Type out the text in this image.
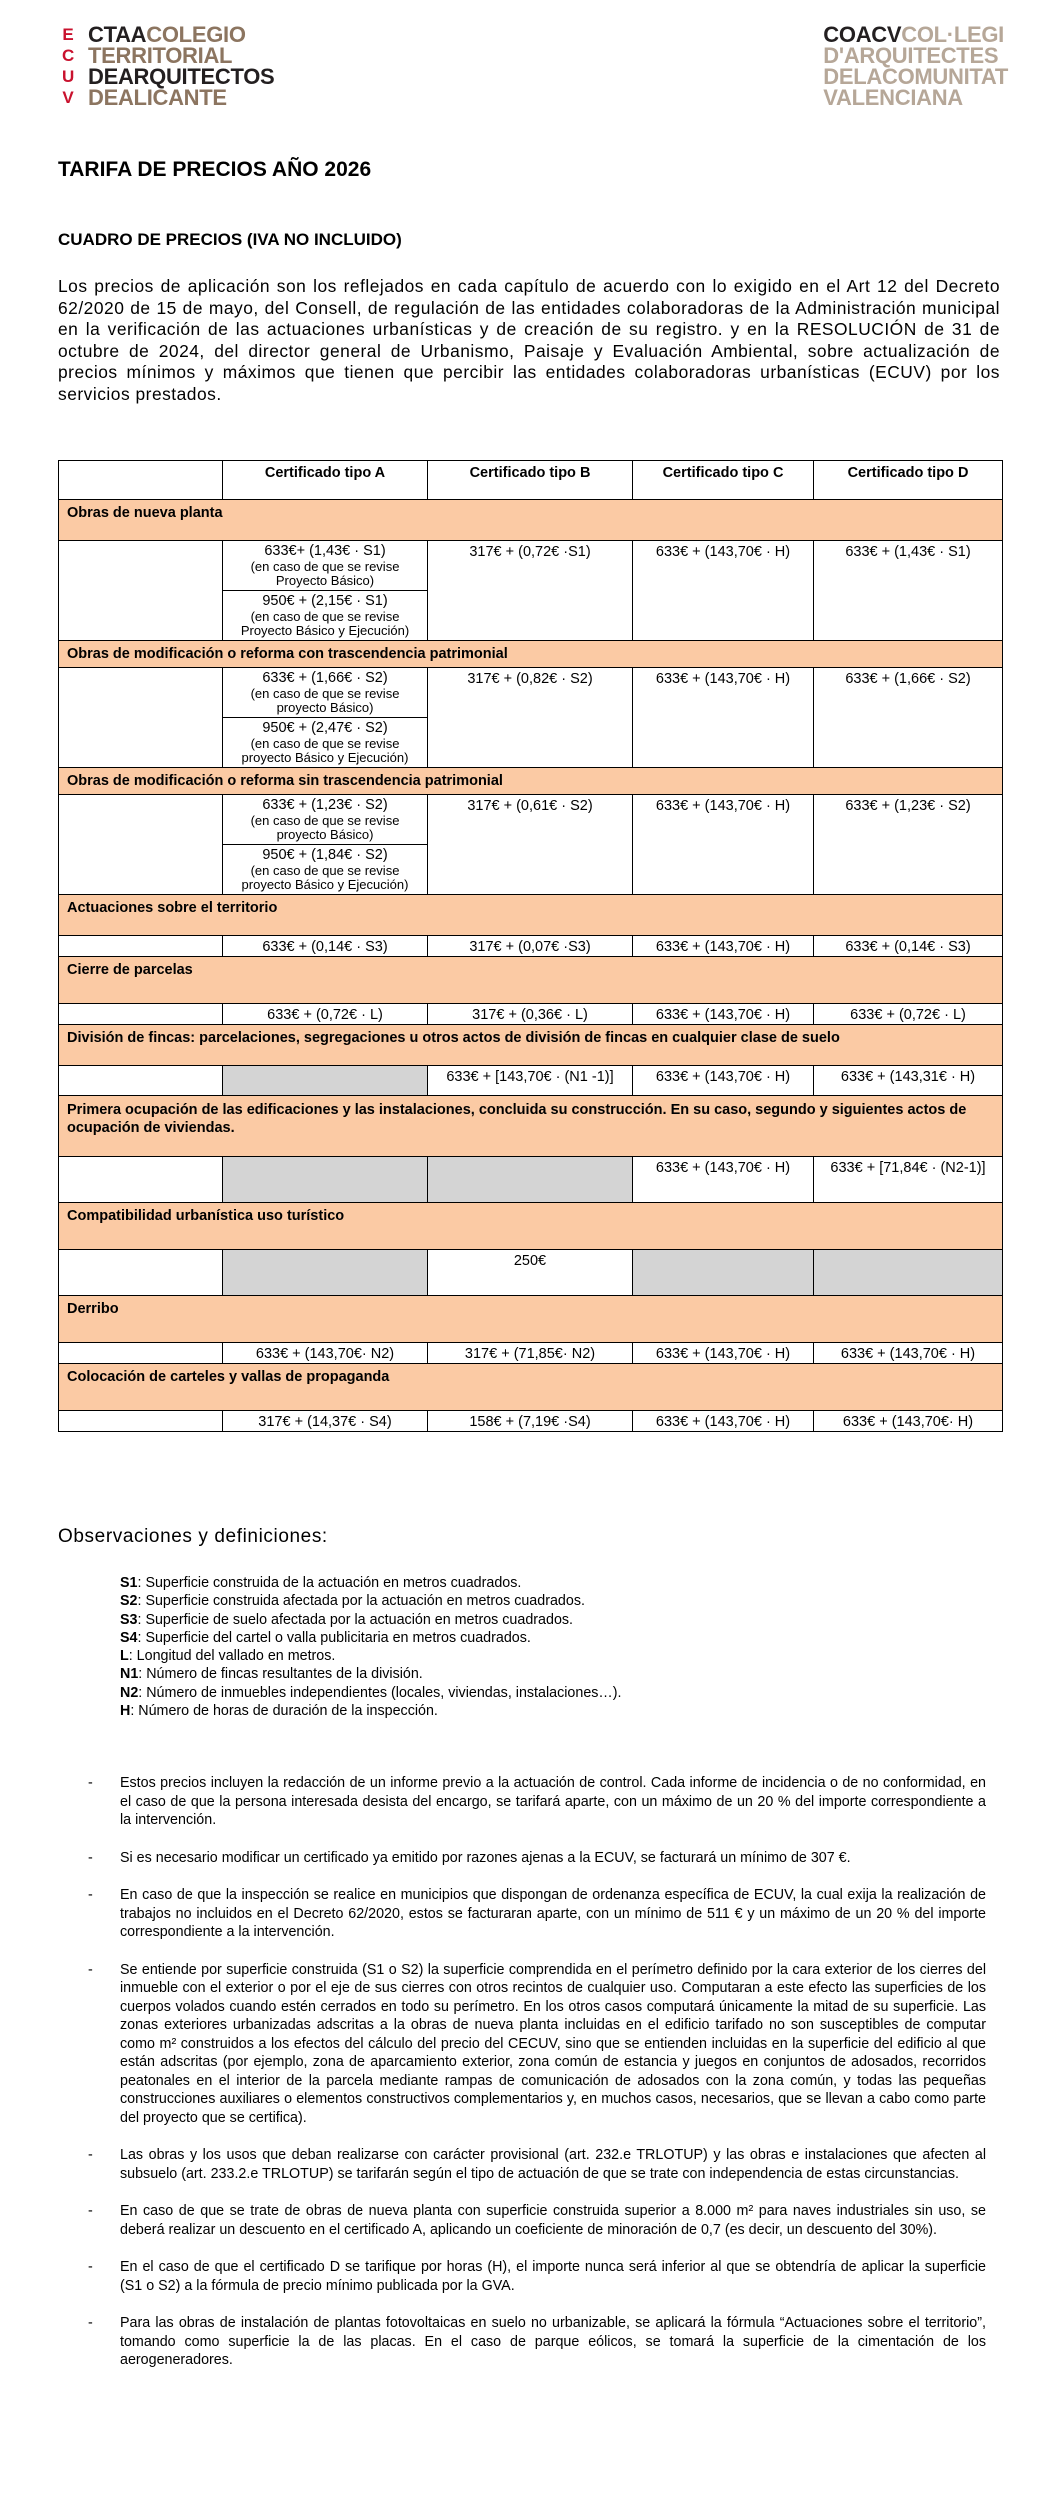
E
C
U
V
CTAACOLEGIO
TERRITORIAL
DEARQUITECTOS
DEALICANTE
COACVCOL·LEGI
D'ARQUITECTES
DELACOMUNITAT
VALENCIANA
TARIFA DE PRECIOS AÑO 2026
CUADRO DE PRECIOS (IVA NO INCLUIDO)

Los precios de aplicación son los reflejados en cada capítulo de acuerdo con lo exigido en el Art 12 del Decreto 62/2020 de 15 de mayo, del Consell, de regulación de las entidades colaboradoras de la Administración municipal en la verificación de las actuaciones urbanísticas y de creación de su registro. y en la RESOLUCIÓN de 31 de octubre de 2024, del director general de Urbanismo, Paisaje y Evaluación Ambiental, sobre actualización de precios mínimos y máximos que tienen que percibir las entidades colaboradoras urbanísticas (ECUV) por los servicios prestados.

	Certificado tipo A	Certificado tipo B	Certificado tipo C	Certificado tipo D
Obras de nueva planta				

	633€+ (1,43€ · S1)
(en caso de que se revise Proyecto Básico)
950€ + (2,15€ · S1)
(en caso de que se revise Proyecto Básico y Ejecución)	317€ + (0,72€ ·S1)	633€ + (143,70€ · H)	633€ + (1,43€ · S1)

Obras de modificación o reforma con trascendencia patrimonial				

	633€ + (1,66€ · S2)
(en caso de que se revise proyecto Básico)
950€ + (2,47€ · S2)
(en caso de que se revise proyecto Básico y Ejecución)	317€ + (0,82€ · S2)	633€ + (143,70€ · H)	633€ + (1,66€ · S2)

Obras de modificación o reforma sin trascendencia patrimonial				

	633€ + (1,23€ · S2)
(en caso de que se revise proyecto Básico)
950€ + (1,84€ · S2)
(en caso de que se revise proyecto Básico y Ejecución)	317€ + (0,61€ · S2)	633€ + (143,70€ · H)	633€ + (1,23€ · S2)

Actuaciones sobre el territorio				

	633€ + (0,14€ · S3)	317€ + (0,07€ ·S3)	633€ + (143,70€ · H)	633€ + (0,14€ · S3)

Cierre de parcelas				

	633€ + (0,72€ · L)	317€ + (0,36€ · L)	633€ + (143,70€ · H)	633€ + (0,72€ · L)

División de fincas: parcelaciones, segregaciones u otros actos de división de fincas en cualquier clase de suelo				

		633€ + [143,70€ · (N1 -1)]	633€ + (143,70€ · H)	633€ + (143,31€ · H)

Primera ocupación de las edificaciones y las instalaciones, concluida su construcción. En su caso, segundo y siguientes actos de ocupación de viviendas.				

			633€ + (143,70€ · H)	633€ + [71,84€ · (N2-1)]

Compatibilidad urbanística uso turístico				

		250€		

Derribo				

	633€ + (143,70€· N2)	317€ + (71,85€· N2)	633€ + (143,70€ · H)	633€ + (143,70€ · H)

Colocación de carteles y vallas de propaganda				

	317€ + (14,37€ · S4)	158€ + (7,19€ ·S4)	633€ + (143,70€ · H)	633€ + (143,70€· H)
Observaciones y definiciones:
S1: Superficie construida de la actuación en metros cuadrados.
S2: Superficie construida afectada por la actuación en metros cuadrados.
S3: Superficie de suelo afectada por la actuación en metros cuadrados.
S4: Superficie del cartel o valla publicitaria en metros cuadrados.
L: Longitud del vallado en metros.
N1: Número de fincas resultantes de la división.
N2: Número de inmuebles independientes (locales, viviendas, instalaciones…).
H: Número de horas de duración de la inspección.
- Estos precios incluyen la redacción de un informe previo a la actuación de control. Cada informe de incidencia o de no conformidad, en el caso de que la persona interesada desista del encargo, se tarifará aparte, con un máximo de un 20 % del importe correspondiente a la intervención.
- Si es necesario modificar un certificado ya emitido por razones ajenas a la ECUV, se facturará un mínimo de 307 €.
- En caso de que la inspección se realice en municipios que dispongan de ordenanza específica de ECUV, la cual exija la realización de trabajos no incluidos en el Decreto 62/2020, estos se facturaran aparte, con un mínimo de 511 € y un máximo de un 20 % del importe correspondiente a la intervención.
- Se entiende por superficie construida (S1 o S2) la superficie comprendida en el perímetro definido por la cara exterior de los cierres del inmueble con el exterior o por el eje de sus cierres con otros recintos de cualquier uso. Computaran a este efecto las superficies de los cuerpos volados cuando estén cerrados en todo su perímetro. En los otros casos computará únicamente la mitad de su superficie. Las zonas exteriores urbanizadas adscritas a la obras de nueva planta incluidas en el edificio tarifado no son susceptibles de computar como m² construidos a los efectos del cálculo del precio del CECUV, sino que se entienden incluidas en la superficie del edificio al que están adscritas (por ejemplo, zona de aparcamiento exterior, zona común de estancia y juegos en conjuntos de adosados, recorridos peatonales en el interior de la parcela mediante rampas de comunicación de adosados con la zona común, y todas las pequeñas construcciones auxiliares o elementos constructivos complementarios y, en muchos casos, necesarios, que se llevan a cabo como parte del proyecto que se certifica).
- Las obras y los usos que deban realizarse con carácter provisional (art. 232.e TRLOTUP) y las obras e instalaciones que afecten al subsuelo (art. 233.2.e TRLOTUP) se tarifarán según el tipo de actuación de que se trate con independencia de estas circunstancias.
- En caso de que se trate de obras de nueva planta con superficie construida superior a 8.000 m² para naves industriales sin uso, se deberá realizar un descuento en el certificado A, aplicando un coeficiente de minoración de 0,7 (es decir, un descuento del 30%).
- En el caso de que el certificado D se tarifique por horas (H), el importe nunca será inferior al que se obtendría de aplicar la superficie (S1 o S2) a la fórmula de precio mínimo publicada por la GVA.
- Para las obras de instalación de plantas fotovoltaicas en suelo no urbanizable, se aplicará la fórmula “Actuaciones sobre el territorio”, tomando como superficie la de las placas. En el caso de parque eólicos, se tomará la superficie de la cimentación de los aerogeneradores.
